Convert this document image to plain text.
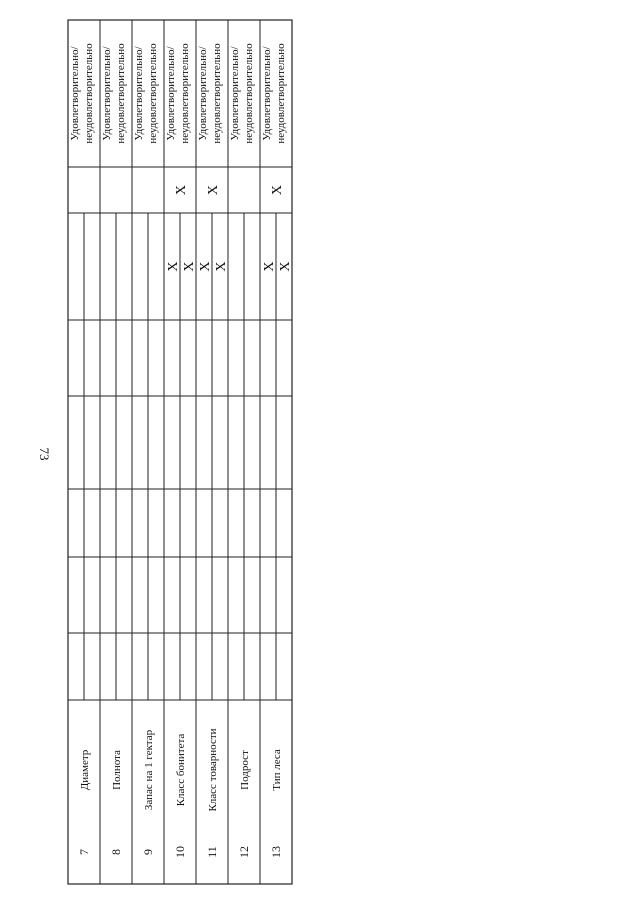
73
7
Диаметр
8
Полнота
9
Запас на 1 гектар
10
Класс бонитета
11
Класс товарности
12
Подрост
13
Тип леса
Удовлетворительно/ неудовлетворительно Удовлетворительно/ неудовлетворительно Удовлетворительно/ неудовлетворительно Удовлетворительно/ неудовлетворительно Удовлетворительно/ неудовлетворительно Удовлетворительно/ неудовлетворительно Удовлетворительно/ неудовлетворительно
X X
X
X X
X
X X
X
